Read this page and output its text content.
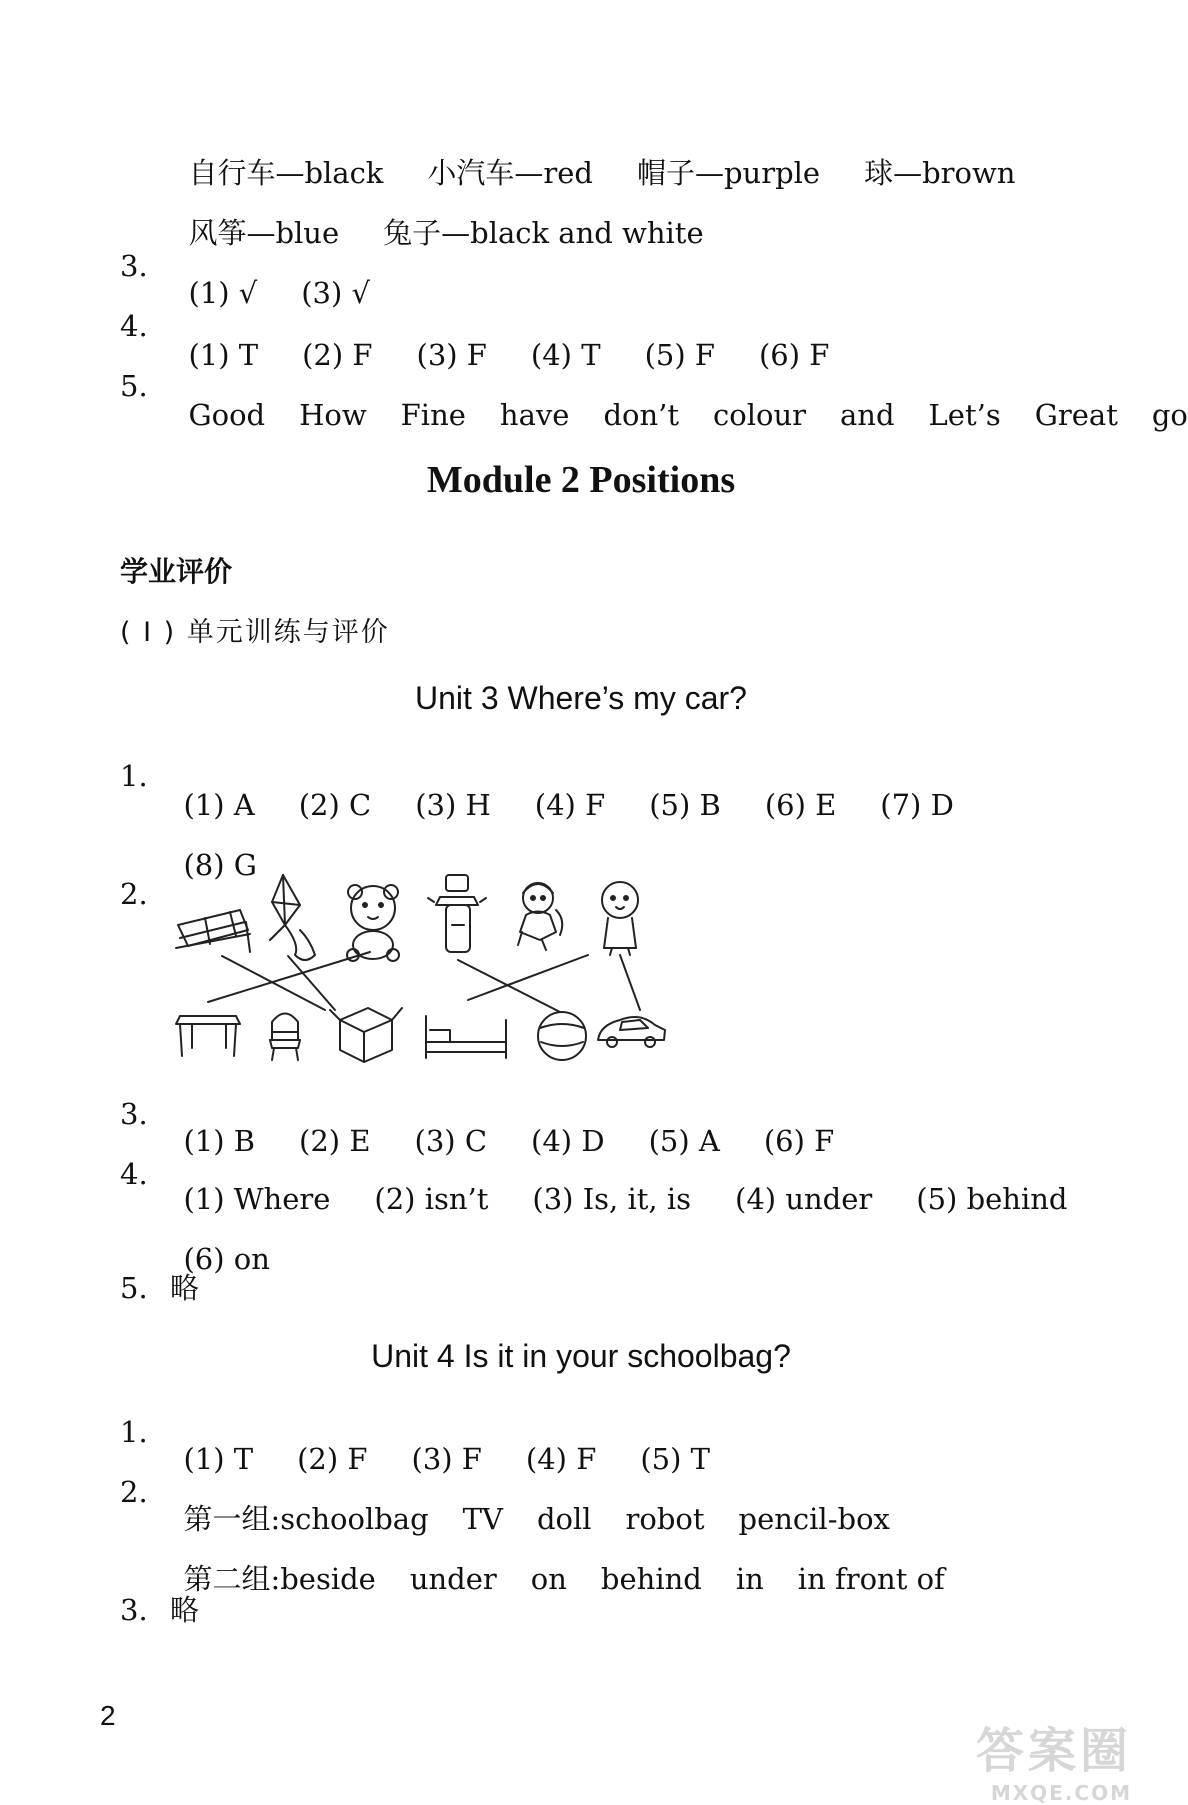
自行车—black 小汽车—red 帽子—purple 球—brown

风筝—blue 兔子—black and white

3.

(1) √ (3) √

4.

(1) T (2) F (3) F (4) T (5) F (6) F

5.

Good How Fine have don’t colour and Let’s Great go

Module 2 Positions
学业评价
( I ) 单元训练与评价
Unit 3 Where’s my car?
1.

(1) A (2) C (3) H (4) F (5) B (6) E (7) D

(8) G

2.
3.

(1) B (2) E (3) C (4) D (5) A (6) F

4.

(1) Where (2) isn’t (3) Is, it, is (4) under (5) behind

(6) on

5. 略
Unit 4 Is it in your schoolbag?
1.

(1) T (2) F (3) F (4) F (5) T

2.

第一组:schoolbag TV doll robot pencil-box

第二组:beside under on behind in in front of

3. 略
2
答案圈
MXQE.COM
